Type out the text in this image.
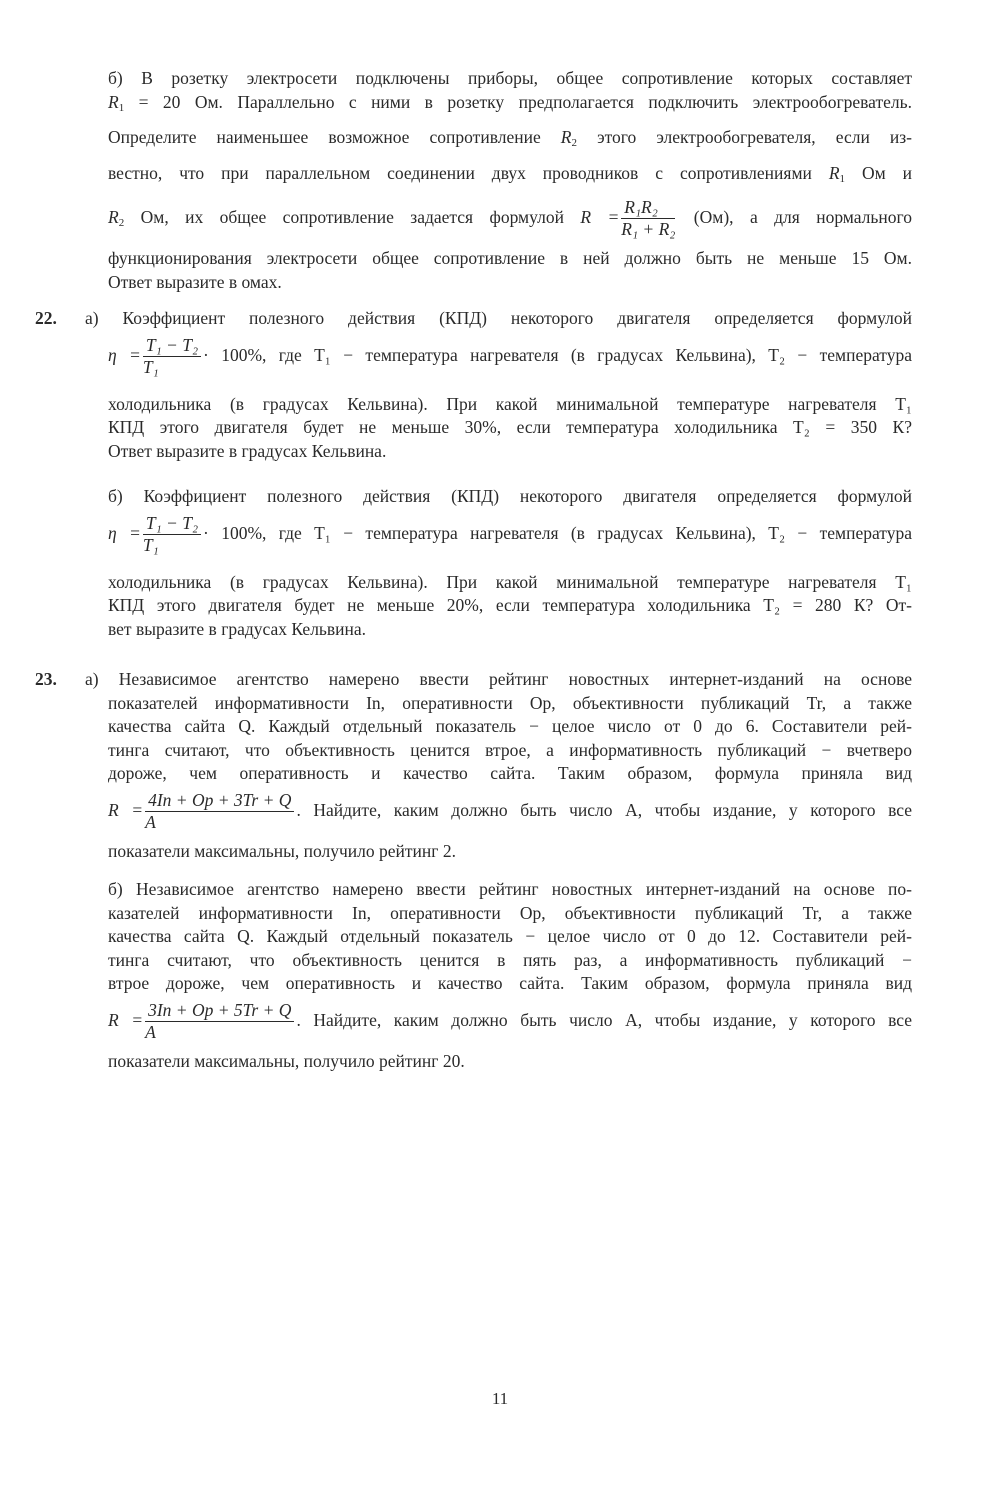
б) В розетку электросети подключены приборы, общее сопротивление которых составляет
$R_1 = 20$ Ом. Параллельно с ними в розетку предполагается подключить электрообогреватель.
Определите наименьшее возможное сопротивление $R_2$ этого электрообогревателя, если из-
вестно, что при параллельном соединении двух проводников с сопротивлениями $R_1$ Ом и
$R_2$ Ом, их общее сопротивление задается формулой $R = \frac{\text{R₁R₂}}{\text{R₁ + R₂}} (Ом)$, а для нормального
функционирования электросети общее сопротивление в ней должно быть не меньше 15 Ом.
Ответ выразите в омах.
22. а) Коэффициент полезного действия (КПД) некоторого двигателя определяется формулой
$\eta = \frac{\text{T₁ − T₂}}{\text{T₁}} \cdot 100\%$, где T₁ − температура нагревателя (в градусах Кельвина), T₂ − температура
холодильника (в градусах Кельвина). При какой минимальной температуре нагревателя T₁
КПД этого двигателя будет не меньше 30%, если температура холодильника T₂ = 350 К?
Ответ выразите в градусах Кельвина.
б) Коэффициент полезного действия (КПД) некоторого двигателя определяется формулой
$\eta = \frac{\text{T₁ − T₂}}{\text{T₁}} \cdot 100\%$, где T₁ − температура нагревателя (в градусах Кельвина), T₂ − температура
холодильника (в градусах Кельвина). При какой минимальной температуре нагревателя T₁
КПД этого двигателя будет не меньше 20%, если температура холодильника T₂ = 280 К? От-
вет выразите в градусах Кельвина.
23. а) Независимое агентство намерено ввести рейтинг новостных интернет-изданий на основе
показателей информативности In, оперативности Op, объективности публикаций Tr, а также
качества сайта Q. Каждый отдельный показатель − целое число от 0 до 6. Составители рей-
тинга считают, что объективность ценится втрое, а информативность публикаций − вчетверо
дороже, чем оперативность и качество сайта. Таким образом, формула приняла вид
$R = \frac{4In + Op + 3Tr + Q}{A}$ . Найдите, каким должно быть число A, чтобы издание, у которого все
показатели максимальны, получило рейтинг 2.
б) Независимое агентство намерено ввести рейтинг новостных интернет-изданий на основе по-
казателей информативности In, оперативности Op, объективности публикаций Tr, а также
качества сайта Q. Каждый отдельный показатель − целое число от 0 до 12. Составители рей-
тинга считают, что объективность ценится в пять раз, а информативность публикаций −
втрое дороже, чем оперативность и качество сайта. Таким образом, формула приняла вид
$R = \frac{3In + Op + 5Tr + Q}{A}$ . Найдите, каким должно быть число A, чтобы издание, у которого все
показатели максимальны, получило рейтинг 20.
11
